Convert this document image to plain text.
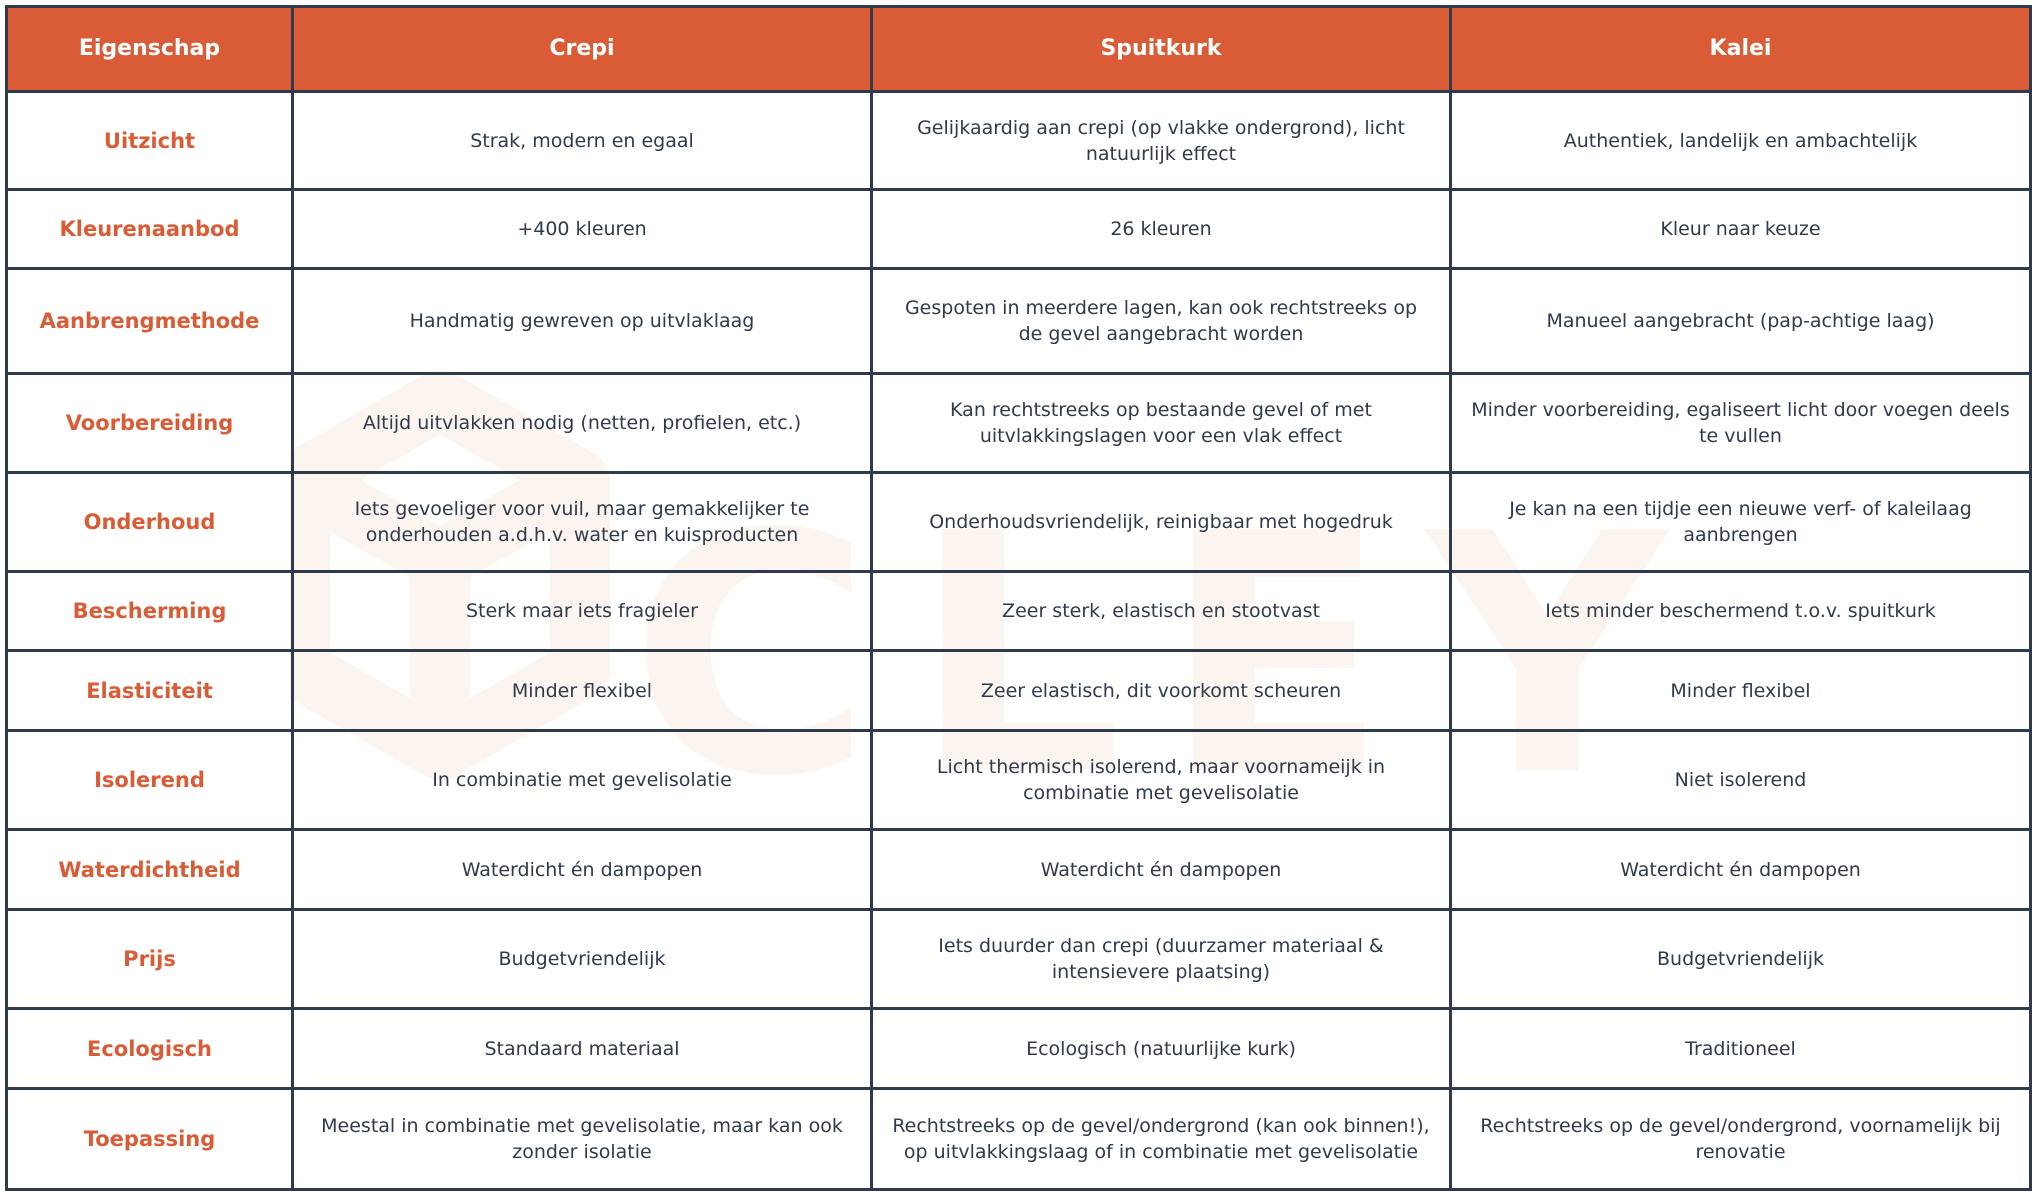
CLEY
Eigenschap	Crepi	Spuitkurk	Kalei
Uitzicht	Strak, modern en egaal	Gelijkaardig aan crepi (op vlakke ondergrond), licht natuurlijk effect	Authentiek, landelijk en ambachtelijk
Kleurenaanbod	+400 kleuren	26 kleuren	Kleur naar keuze
Aanbrengmethode	Handmatig gewreven op uitvlaklaag	Gespoten in meerdere lagen, kan ook rechtstreeks op de gevel aangebracht worden	Manueel aangebracht (pap-achtige laag)
Voorbereiding	Altijd uitvlakken nodig (netten, profielen, etc.)	Kan rechtstreeks op bestaande gevel of met uitvlakkingslagen voor een vlak effect	Minder voorbereiding, egaliseert licht door voegen deels te vullen
Onderhoud	Iets gevoeliger voor vuil, maar gemakkelijker te onderhouden a.d.h.v. water en kuisproducten	Onderhoudsvriendelijk, reinigbaar met hogedruk	Je kan na een tijdje een nieuwe verf- of kaleilaag aanbrengen
Bescherming	Sterk maar iets fragieler	Zeer sterk, elastisch en stootvast	Iets minder beschermend t.o.v. spuitkurk
Elasticiteit	Minder flexibel	Zeer elastisch, dit voorkomt scheuren	Minder flexibel
Isolerend	In combinatie met gevelisolatie	Licht thermisch isolerend, maar voornameijk in combinatie met gevelisolatie	Niet isolerend
Waterdichtheid	Waterdicht én dampopen	Waterdicht én dampopen	Waterdicht én dampopen
Prijs	Budgetvriendelijk	Iets duurder dan crepi (duurzamer materiaal & intensievere plaatsing)	Budgetvriendelijk
Ecologisch	Standaard materiaal	Ecologisch (natuurlijke kurk)	Traditioneel
Toepassing	Meestal in combinatie met gevelisolatie, maar kan ook zonder isolatie	Rechtstreeks op de gevel/ondergrond (kan ook binnen!), op uitvlakkingslaag of in combinatie met gevelisolatie	Rechtstreeks op de gevel/ondergrond, voornamelijk bij renovatie
